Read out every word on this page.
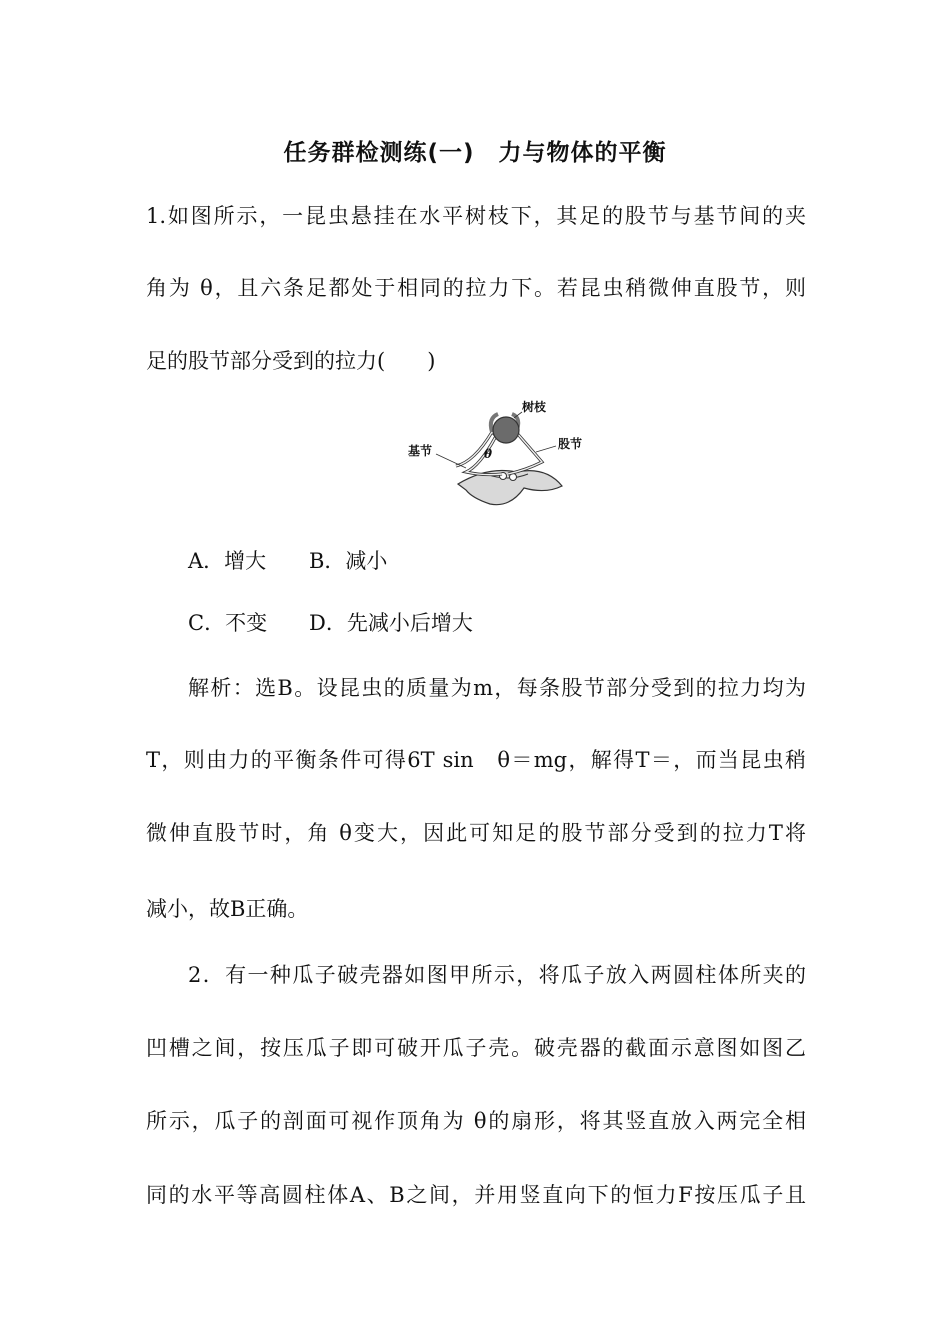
任务群检测练(一)　力与物体的平衡
1.如图所示，一昆虫悬挂在水平树枝下，其足的股节与基节间的夹
角为 θ，且六条足都处于相同的拉力下。若昆虫稍微伸直股节，则
足的股节部分受到的拉力(　　)
树枝
基节	股节
θ
A．增大 B．减小
C．不变 D．先减小后增大
解析：选B。设昆虫的质量为m，每条股节部分受到的拉力均为
T，则由力的平衡条件可得6T sin　θ＝mg，解得T＝，而当昆虫稍
微伸直股节时，角 θ变大，因此可知足的股节部分受到的拉力T将
减小，故B正确。
2．有一种瓜子破壳器如图甲所示，将瓜子放入两圆柱体所夹的
凹槽之间，按压瓜子即可破开瓜子壳。破壳器的截面示意图如图乙
所示，瓜子的剖面可视作顶角为 θ的扇形，将其竖直放入两完全相
同的水平等高圆柱体A、B之间，并用竖直向下的恒力F按压瓜子且
